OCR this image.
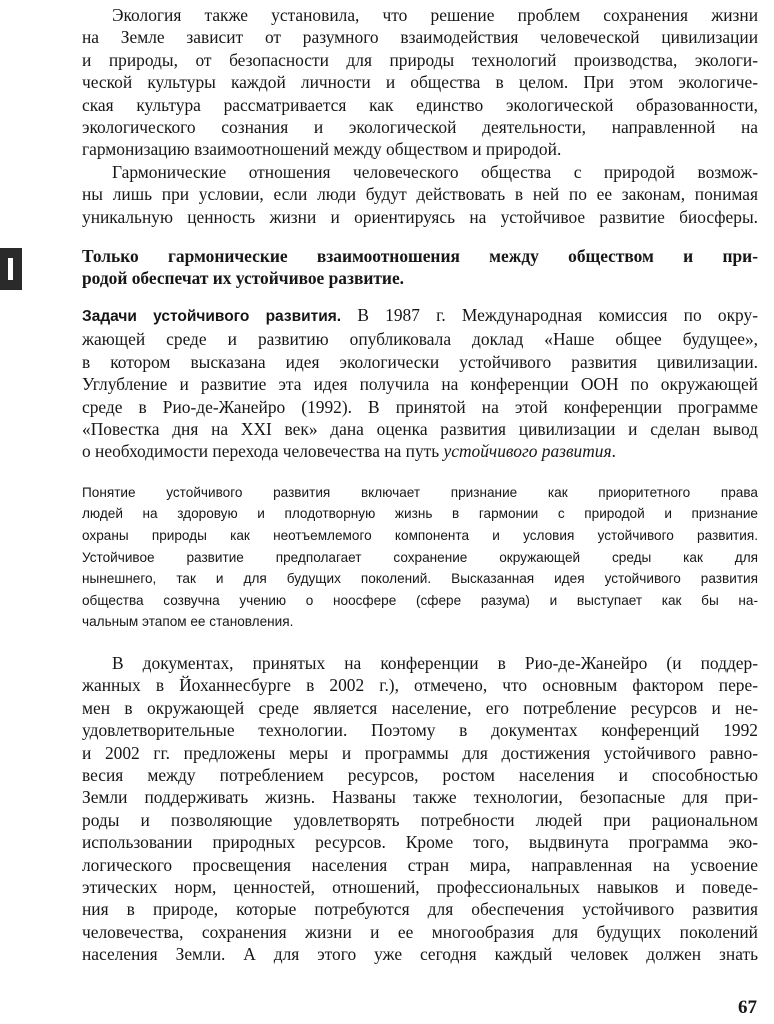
Экология также установила, что решение проблем сохранения жизни
на Земле зависит от разумного взаимодействия человеческой цивилизации
и природы, от безопасности для природы технологий производства, экологи-
ческой культуры каждой личности и общества в целом. При этом экологиче-
ская культура рассматривается как единство экологической образованности,
экологического сознания и экологической деятельности, направленной на
гармонизацию взаимоотношений между обществом и природой.
Гармонические отношения человеческого общества с природой возмож-
ны лишь при условии, если люди будут действовать в ней по ее законам, понимая
уникальную ценность жизни и ориентируясь на устойчивое развитие биосферы.
Только гармонические взаимоотношения между обществом и при-
родой обеспечат их устойчивое развитие.
Задачи устойчивого развития. В 1987 г. Международная комиссия по окру-
жающей среде и развитию опубликовала доклад «Наше общее будущее»,
в котором высказана идея экологически устойчивого развития цивилизации.
Углубление и развитие эта идея получила на конференции ООН по окружающей
среде в Рио-де-Жанейро (1992). В принятой на этой конференции программе
«Повестка дня на XXI век» дана оценка развития цивилизации и сделан вывод
о необходимости перехода человечества на путь устойчивого развития.
Понятие устойчивого развития включает признание как приоритетного права
людей на здоровую и плодотворную жизнь в гармонии с природой и признание
охраны природы как неотъемлемого компонента и условия устойчивого развития.
Устойчивое развитие предполагает сохранение окружающей среды как для
нынешнего, так и для будущих поколений. Высказанная идея устойчивого развития
общества созвучна учению о ноосфере (сфере разума) и выступает как бы на-
чальным этапом ее становления.
В документах, принятых на конференции в Рио-де-Жанейро (и поддер-
жанных в Йоханнесбурге в 2002 г.), отмечено, что основным фактором пере-
мен в окружающей среде является население, его потребление ресурсов и не-
удовлетворительные технологии. Поэтому в документах конференций 1992
и 2002 гг. предложены меры и программы для достижения устойчивого равно-
весия между потреблением ресурсов, ростом населения и способностью
Земли поддерживать жизнь. Названы также технологии, безопасные для при-
роды и позволяющие удовлетворять потребности людей при рациональном
использовании природных ресурсов. Кроме того, выдвинута программа эко-
логического просвещения населения стран мира, направленная на усвоение
этических норм, ценностей, отношений, профессиональных навыков и поведе-
ния в природе, которые потребуются для обеспечения устойчивого развития
человечества, сохранения жизни и ее многообразия для будущих поколений
населения Земли. А для этого уже сегодня каждый человек должен знать
67
